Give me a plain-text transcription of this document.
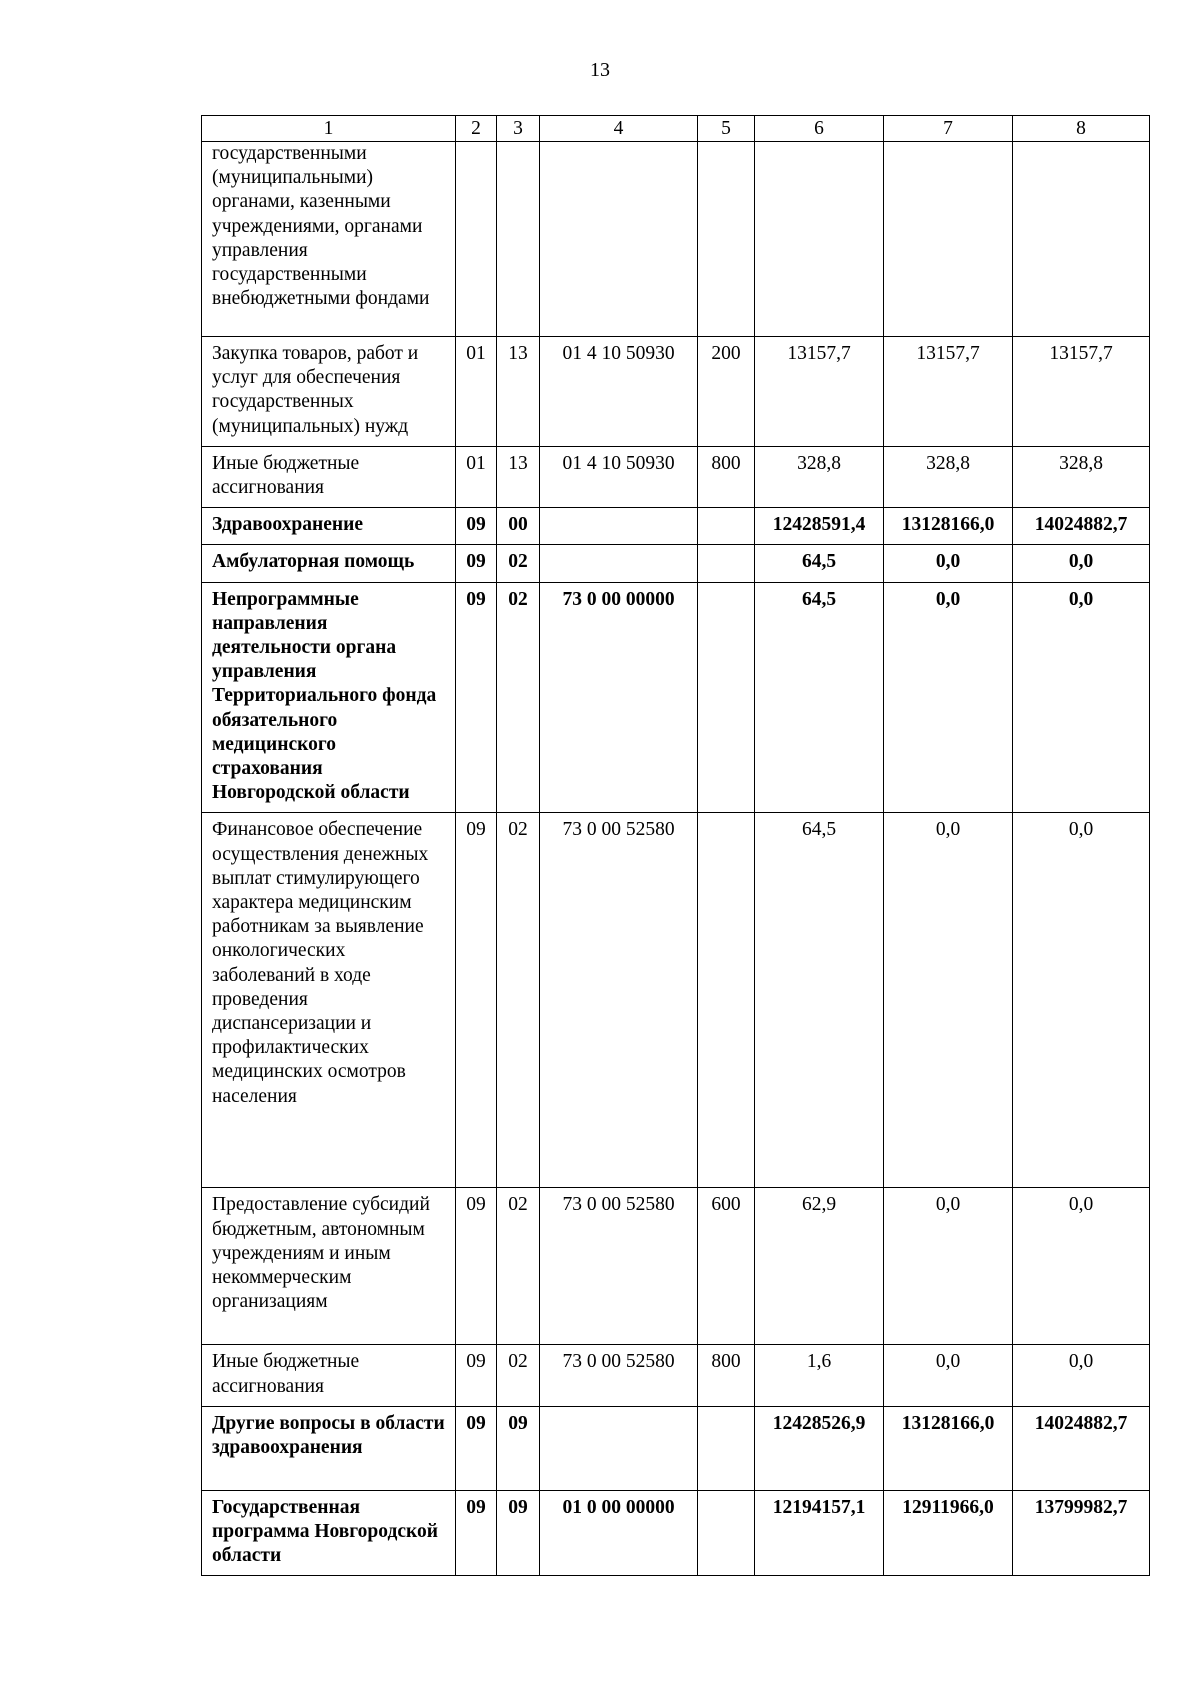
13
1	2	3	4	5	6	7	8
государственными (муниципальными) органами, казенными учреждениями, органами управления государственными внебюджетными фондами							
Закупка товаров, работ и услуг для обеспечения государственных (муниципальных) нужд	01	13	01 4 10 50930	200	13157,7	13157,7	13157,7
Иные бюджетные ассигнования	01	13	01 4 10 50930	800	328,8	328,8	328,8
Здравоохранение	09	00			12428591,4	13128166,0	14024882,7
Амбулаторная помощь	09	02			64,5	0,0	0,0
Непрограммные направления деятельности органа управления Территориального фонда обязательного медицинского страхования Новгородской области	09	02	73 0 00 00000		64,5	0,0	0,0
Финансовое обеспечение осуществления денежных выплат стимулирующего характера медицинским работникам за выявление онкологических заболеваний в ходе проведения диспансеризации и профилактических медицинских осмотров населения	09	02	73 0 00 52580		64,5	0,0	0,0
Предоставление субсидий бюджетным, автономным учреждениям и иным некоммерческим организациям	09	02	73 0 00 52580	600	62,9	0,0	0,0
Иные бюджетные ассигнования	09	02	73 0 00 52580	800	1,6	0,0	0,0
Другие вопросы в области здравоохранения	09	09			12428526,9	13128166,0	14024882,7
Государственная программа Новгородской области	09	09	01 0 00 00000		12194157,1	12911966,0	13799982,7
